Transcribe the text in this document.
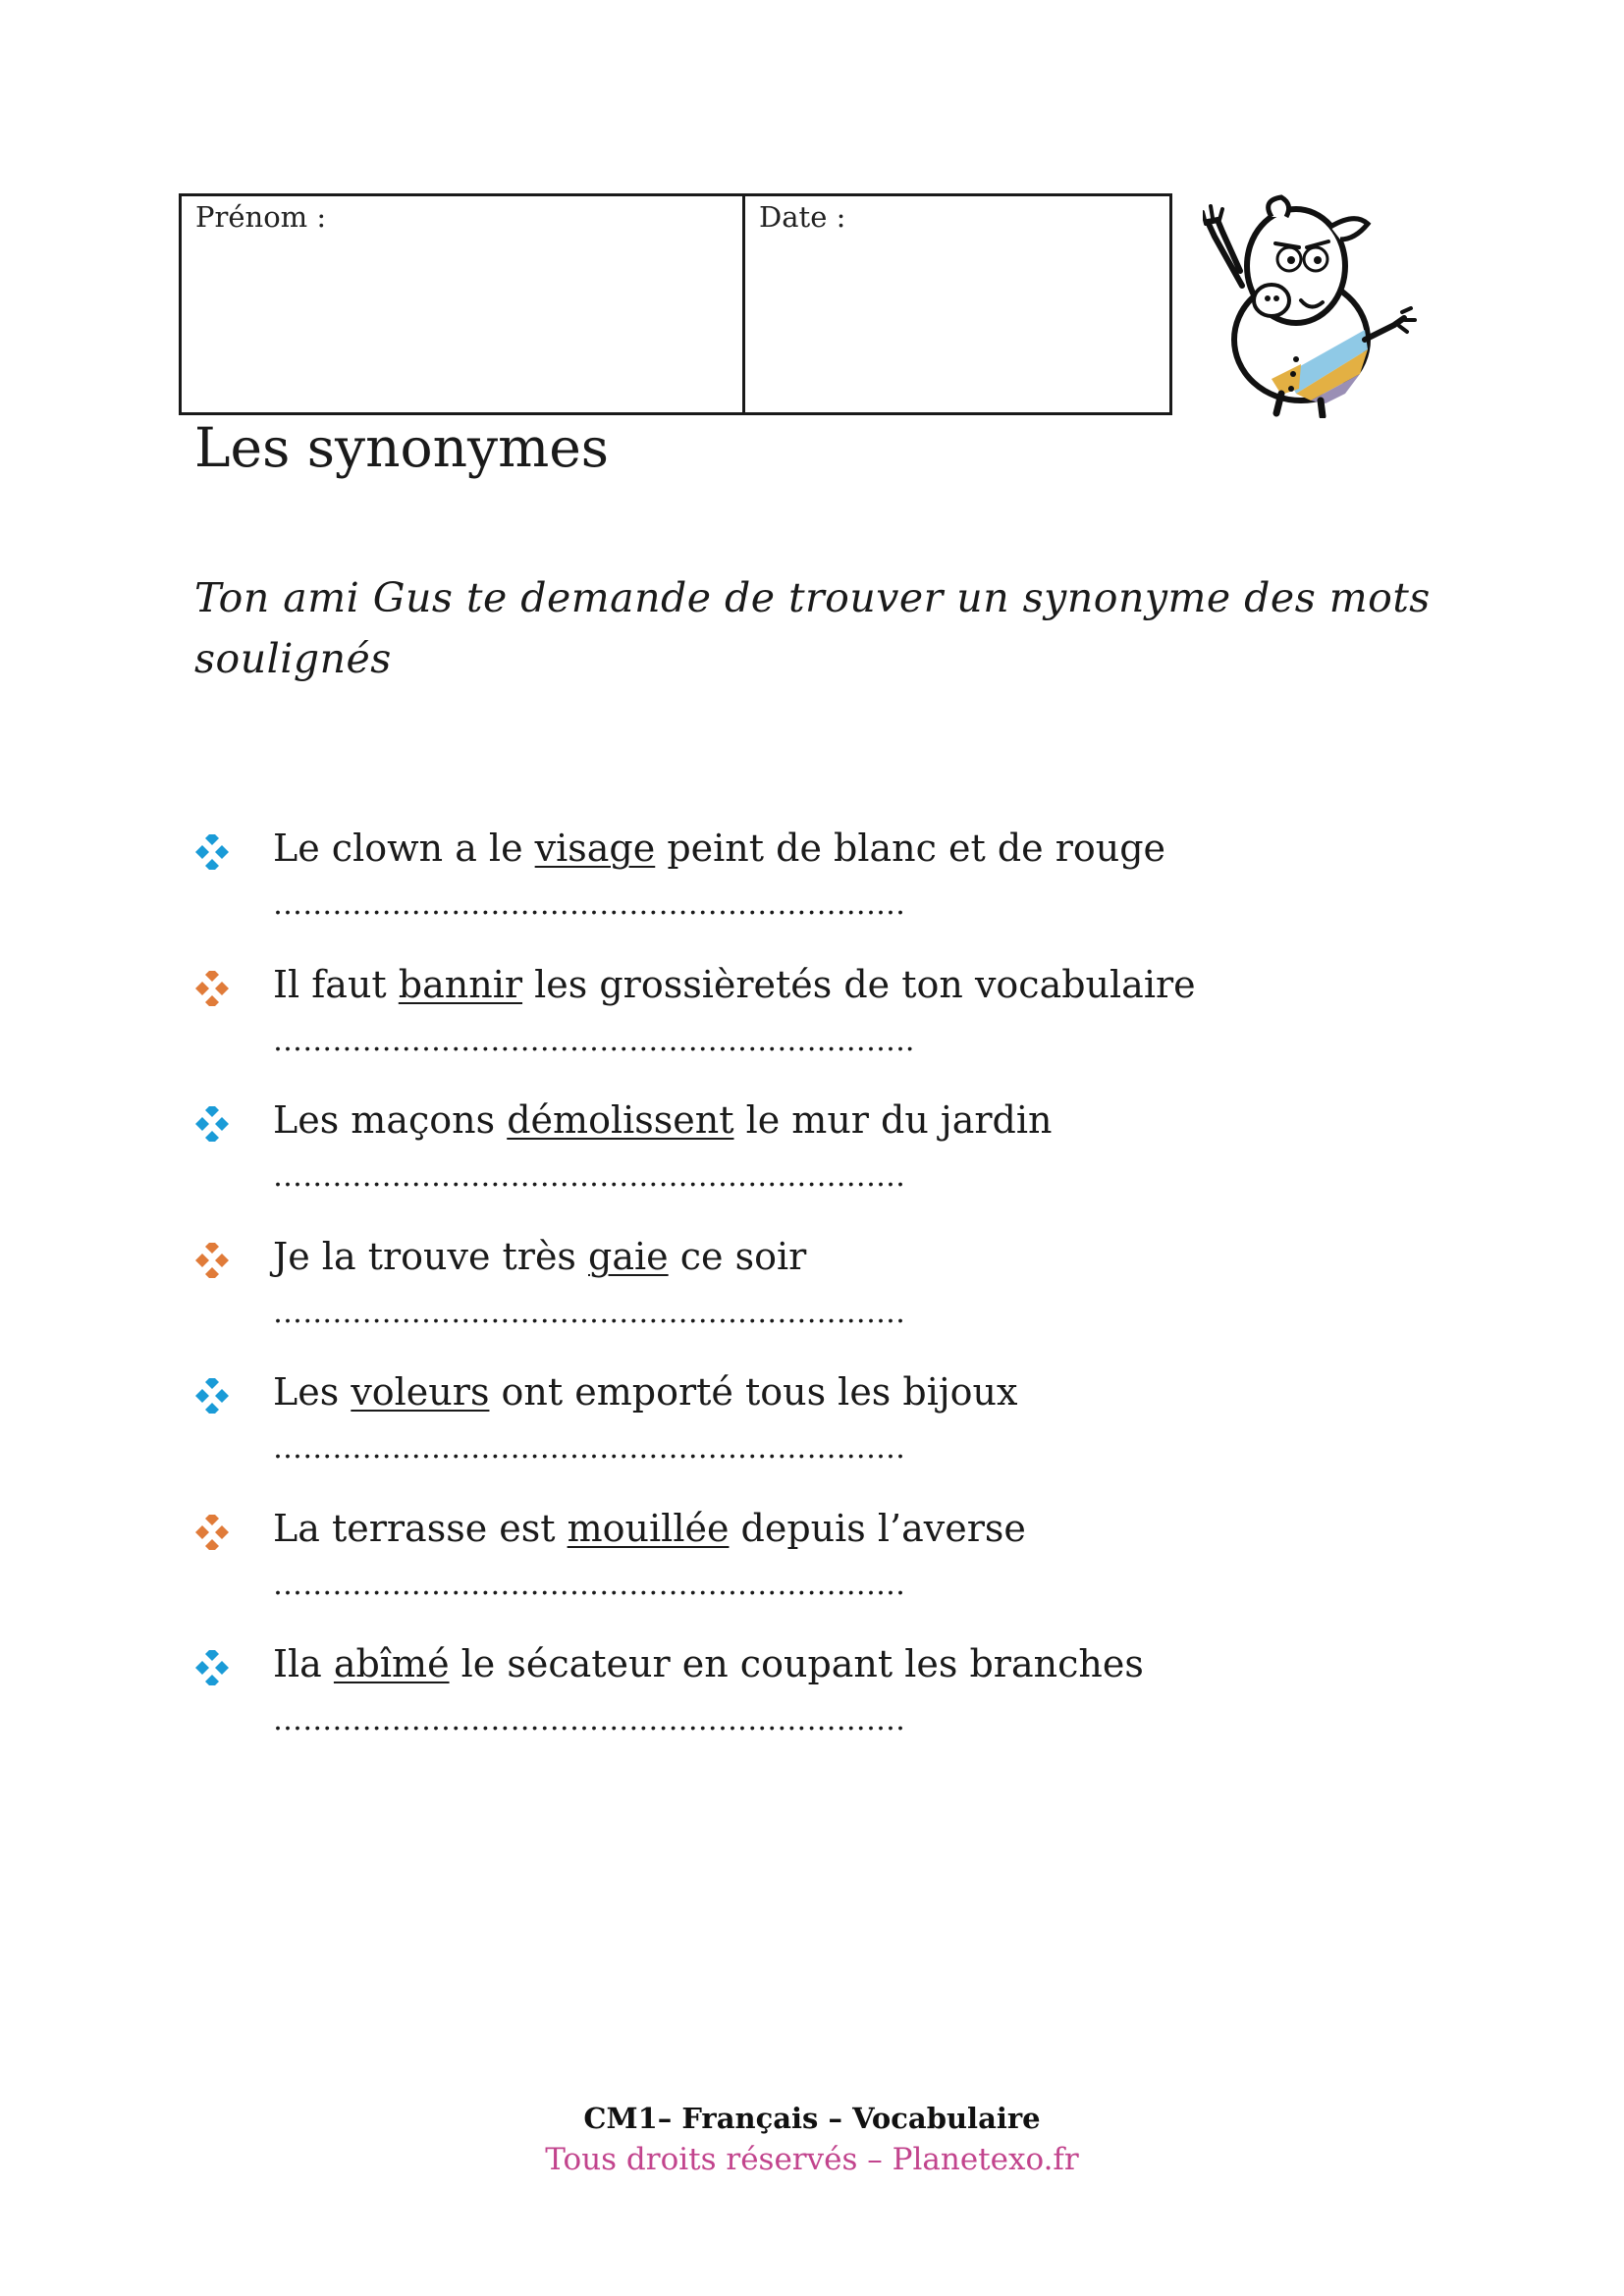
Prénom :	Date :
Les synonymes
Ton ami Gus te demande de trouver un synonyme des mots soulignés
Le clown a le visage peint de blanc et de rouge
……………………………………………………….
Il faut bannir les grossièretés de ton vocabulaire
………………………………………………………..
Les maçons démolissent le mur du jardin
……………………………………………………….
Je la trouve très gaie ce soir
……………………………………………………….
Les voleurs ont emporté tous les bijoux
……………………………………………………….
La terrasse est mouillée depuis l’averse
……………………………………………………….
Ila abîmé le sécateur en coupant les branches
……………………………………………………….
CM1– Français – Vocabulaire
Tous droits réservés – Planetexo.fr
